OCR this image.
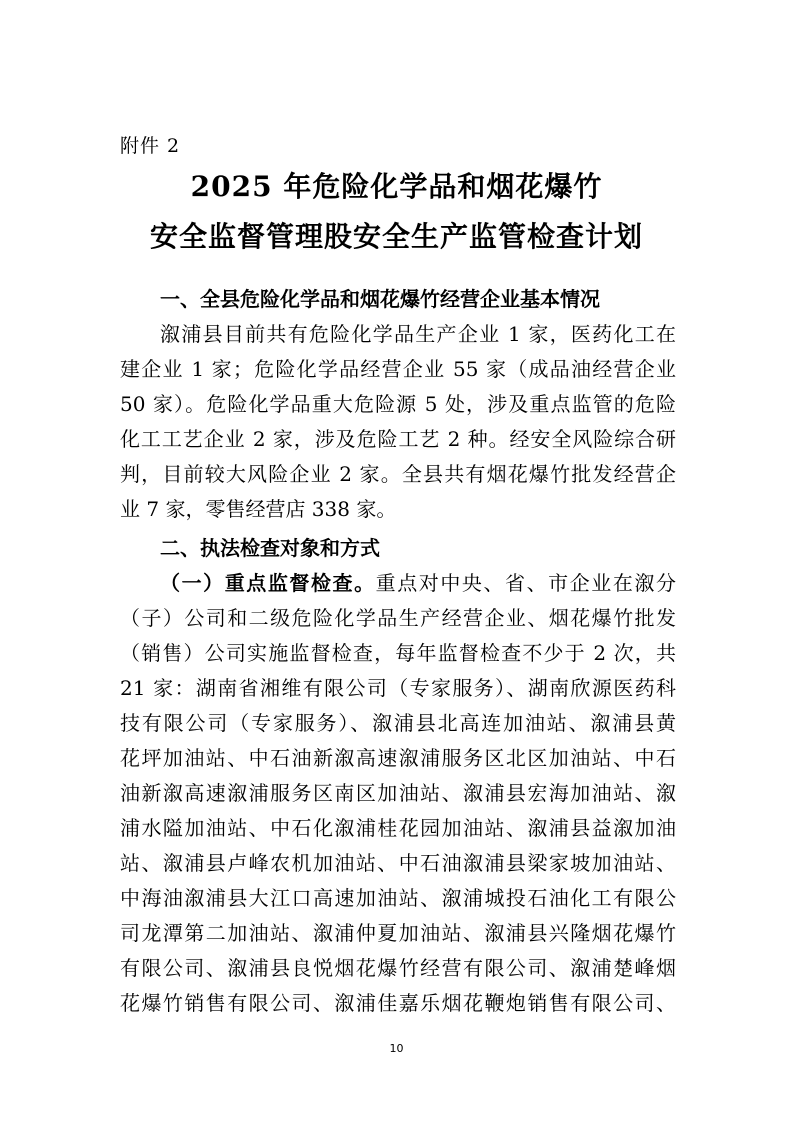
附件 2
2025 年危险化学品和烟花爆竹
安全监督管理股安全生产监管检查计划
一、全县危险化学品和烟花爆竹经营企业基本情况
溆浦县目前共有危险化学品生产企业 1 家，医药化工在
建企业 1 家；危险化学品经营企业 55 家（成品油经营企业
50 家）。危险化学品重大危险源 5 处，涉及重点监管的危险
化工工艺企业 2 家，涉及危险工艺 2 种。经安全风险综合研
判，目前较大风险企业 2 家。全县共有烟花爆竹批发经营企
业 7 家，零售经营店 338 家。
二、执法检查对象和方式
（一）重点监督检查。重点对中央、省、市企业在溆分
（子）公司和二级危险化学品生产经营企业、烟花爆竹批发
（销售）公司实施监督检查，每年监督检查不少于 2 次，共
21 家：湖南省湘维有限公司（专家服务）、湖南欣源医药科
技有限公司（专家服务）、溆浦县北高连加油站、溆浦县黄
花坪加油站、中石油新溆高速溆浦服务区北区加油站、中石
油新溆高速溆浦服务区南区加油站、溆浦县宏海加油站、溆
浦水隘加油站、中石化溆浦桂花园加油站、溆浦县益溆加油
站、溆浦县卢峰农机加油站、中石油溆浦县梁家坡加油站、
中海油溆浦县大江口高速加油站、溆浦城投石油化工有限公
司龙潭第二加油站、溆浦仲夏加油站、溆浦县兴隆烟花爆竹
有限公司、溆浦县良悦烟花爆竹经营有限公司、溆浦楚峰烟
花爆竹销售有限公司、溆浦佳嘉乐烟花鞭炮销售有限公司、
10
